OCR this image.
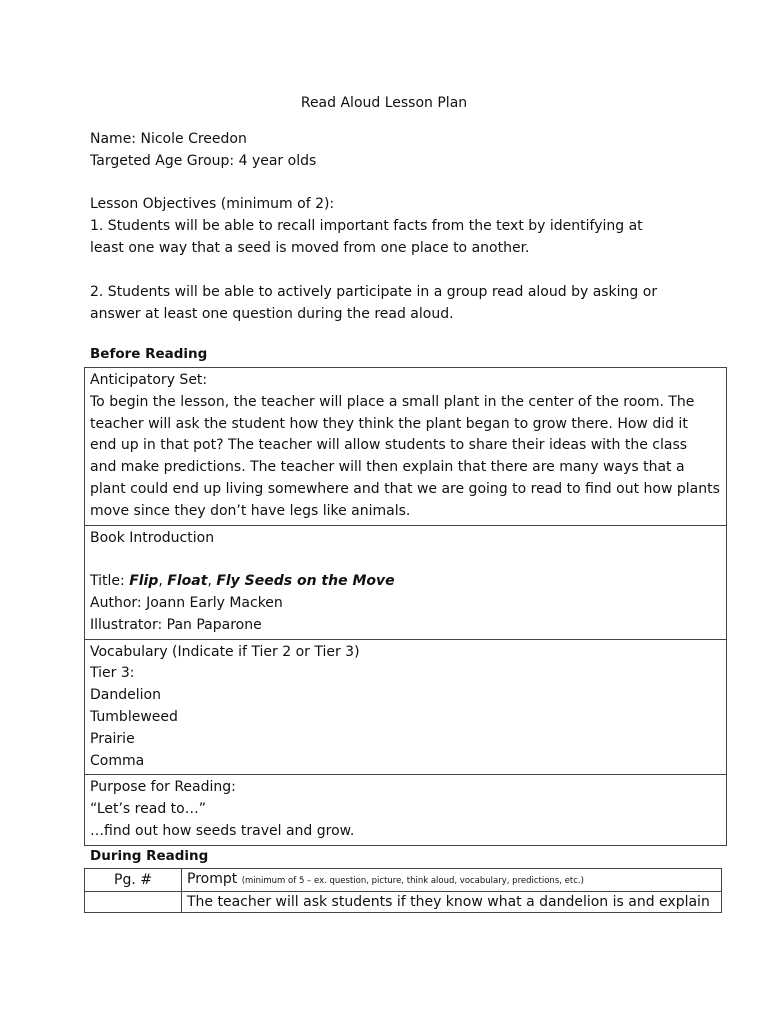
Read Aloud Lesson Plan
Name: Nicole Creedon
Targeted Age Group: 4 year olds
Lesson Objectives (minimum of 2):
1. Students will be able to recall important facts from the text by identifying at
least one way that a seed is moved from one place to another.
2. Students will be able to actively participate in a group read aloud by asking or
answer at least one question during the read aloud.
Before Reading
Anticipatory Set:
To begin the lesson, the teacher will place a small plant in the center of the room. The
teacher will ask the student how they think the plant began to grow there. How did it
end up in that pot? The teacher will allow students to share their ideas with the class
and make predictions. The teacher will then explain that there are many ways that a
plant could end up living somewhere and that we are going to read to find out how plants
move since they don’t have legs like animals.

Book Introduction

Title: Flip, Float, Fly Seeds on the Move
Author: Joann Early Macken
Illustrator: Pan Paparone

Vocabulary (Indicate if Tier 2 or Tier 3)
Tier 3:
Dandelion
Tumbleweed
Prairie
Comma

Purpose for Reading:
“Let’s read to…”
…find out how seeds travel and grow.
During Reading
Pg. #	Prompt (minimum of 5 – ex. question, picture, think aloud, vocabulary, predictions, etc.)
	The teacher will ask students if they know what a dandelion is and explain
